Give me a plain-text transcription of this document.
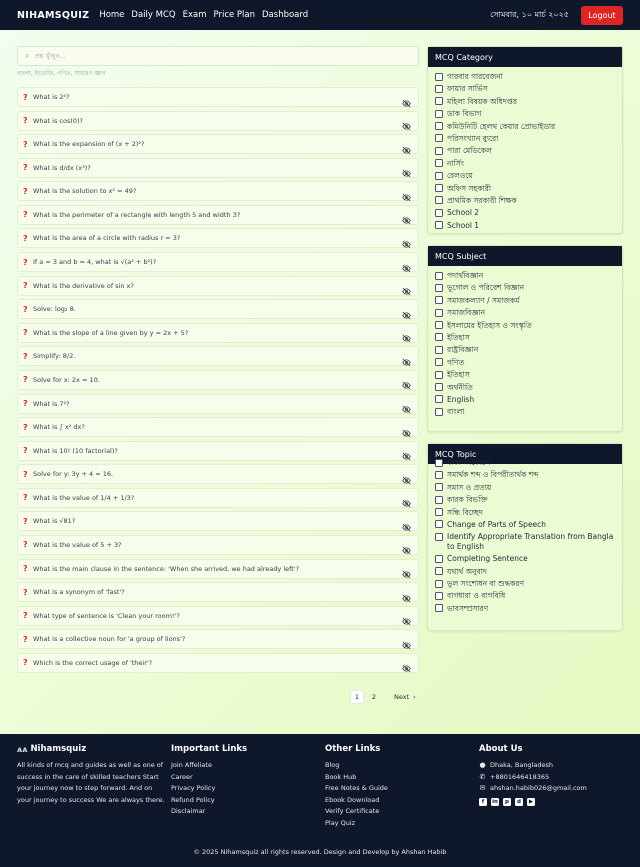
NIHAMSQUIZ Home Daily MCQ Exam Price Plan Dashboard	সোমবার, ১০ মার্চ ২০২৫	Logout
⌕ প্রশ্ন খুঁজুন...
বাংলা, ইংরেজি, গণিত, সাধারণ জ্ঞান
? What is 2⁵?
? What is cos(0)?
? What is the expansion of (x + 2)²?
? What is d/dx (x³)?
? What is the solution to x² = 49?
? What is the perimeter of a rectangle with length 5 and width 3?
? What is the area of a circle with radius r = 3?
? If a = 3 and b = 4, what is √(a² + b²)?
? What is the derivative of sin x?
? Solve: log₂ 8.
? What is the slope of a line given by y = 2x + 5?
? Simplify: 8/2.
? Solve for x: 2x = 10.
? What is 7²?
? What is ∫ x² dx?
? What is 10! (10 factorial)?
? Solve for y: 3y + 4 = 16.
? What is the value of 1/4 + 1/3?
? What is √81?
? What is the value of 5 + 3?
? What is the main clause in the sentence: 'When she arrived, we had already left'?
? What is a synonym of 'fast'?
? What type of sentence is 'Clean your room!'?
? What is a collective noun for 'a group of lions'?
? Which is the correct usage of 'their'?
1	2	Next ›
MCQ Category
গারবার গারবেজনা
ফায়ার সার্ভিস
মহিলা বিষয়ক অধিদপ্তর
ডাক বিভাগ
কমিউনিটি হেলথ কেয়ার প্রোভাইডার
পরিসংখ্যান ব্যুরো
পারা মেডিকেল
নার্সিং
রেলওয়ে
অফিস সহকারী
প্রাথমিক সরকারী শিক্ষক
School 2
School 1
MCQ Subject
পদার্থবিজ্ঞান
ভূগোল ও পরিবেশ বিজ্ঞান
সমাজকল্যাণ / সমাজকর্ম
সমাজবিজ্ঞান
ইসলামের ইতিহাস ও সংস্কৃতি
ইতিহাস
রাষ্ট্রবিজ্ঞান
গণিত
ইতিহাস
অর্থনীতি
English
বাংলা
MCQ Topic
বাক্য সংকোচন
সমার্থক শব্দ ও বিপরীতার্থক শব্দ
সমাস ও প্রত্যয়
কারক বিভক্তি
সন্ধি বিচ্ছেদ
Change of Parts of Speech
Identify Appropriate Translation from Bangla to English
Completing Sentence
যথার্থ অনুবাদ
ভুল সংশোধন বা শুদ্ধকরণ
বাগধারা ও বাগবিধি
ভাবসম্প্রসারণ
ᴀᴀ Nihamsquiz
All kinds of mcq and guides as well as one of
success in the care of skilled teachers Start
your journey now to step forward. And on
your journey to success We are always there.
Important Links
Join Affeliate
Career
Privacy Policy
Refund Policy
Disclaimar
Other Links
Blog
Book Hub
Free Notes & Guide
Ebook Download
Verify Certificate
Play Quiz
About Us
● Dhaka, Bangladesh
✆ +8801646418365
✉ ahshan.habib026@gmail.com
f	in	p	d	▶
© 2025 Nihamsquiz all rights reserved. Design and Develop by Ahshan Habib
